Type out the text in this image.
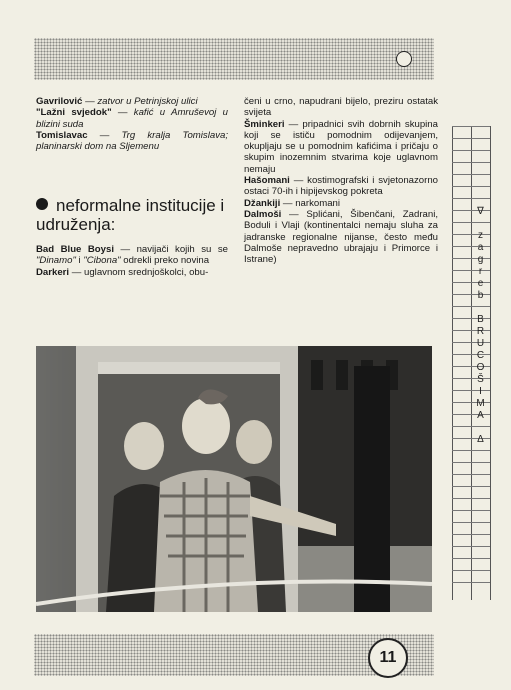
Gavrilović — zatvor u Petrinjskoj ulici

"Lažni svjedok" — kafić u Amruševoj u blizini suda

Tomislavac — Trg kralja Tomislava; planinarski dom na Sljemenu

neformalne institucije i udruženja:

Bad Blue Boysi — navijači kojih su se "Dinamo" i "Cibona" odrekli preko novina

Darkeri — uglavnom srednjoškolci, obu-

čeni u crno, napudrani bijelo, preziru ostatak svijeta

Šminkeri — pripadnici svih dobrnih skupina koji se ističu pomodnim odijevanjem, okupljaju se u pomodnim kafićima i pričaju o skupim inozemnim stvarima koje uglavnom nemaju

Hašomani — kostimografski i svjetonazorno ostaci 70-ih i hipijevskog pokreta

Džankiji — narkomani

Dalmoši — Splićani, Šibenčani, Zadrani, Boduli i Vlaji (kontinentalci nemaju sluha za jadranske regionalne nijanse, često među Dalmoše nepravedno ubrajaju i Primorce i Istrane)

∇
z
a
g
r
e
b
B
R
U
C
O
Š
I
M
A
Δ
11
